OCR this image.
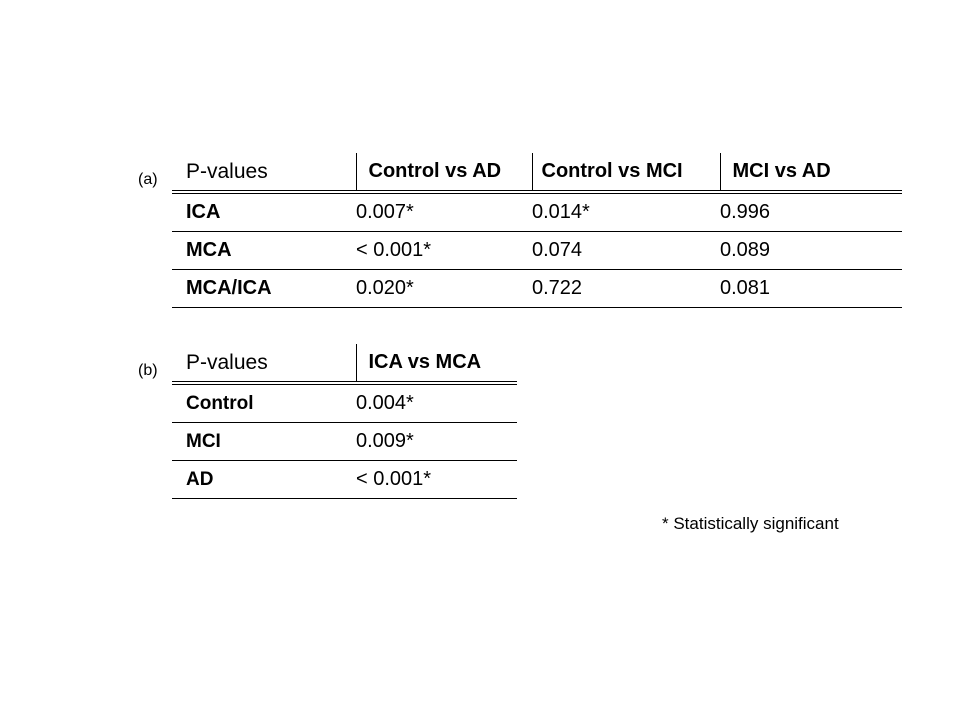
(a) P-values	Control vs AD	Control vs MCI	MCI vs AD
ICA	0.007*	0.014*	0.996
MCA	< 0.001*	0.074	0.089
MCA/ICA	0.020*	0.722	0.081
(b) P-values	ICA vs MCA
Control	0.004*
MCI	0.009*
AD	< 0.001*
* Statistically significant
